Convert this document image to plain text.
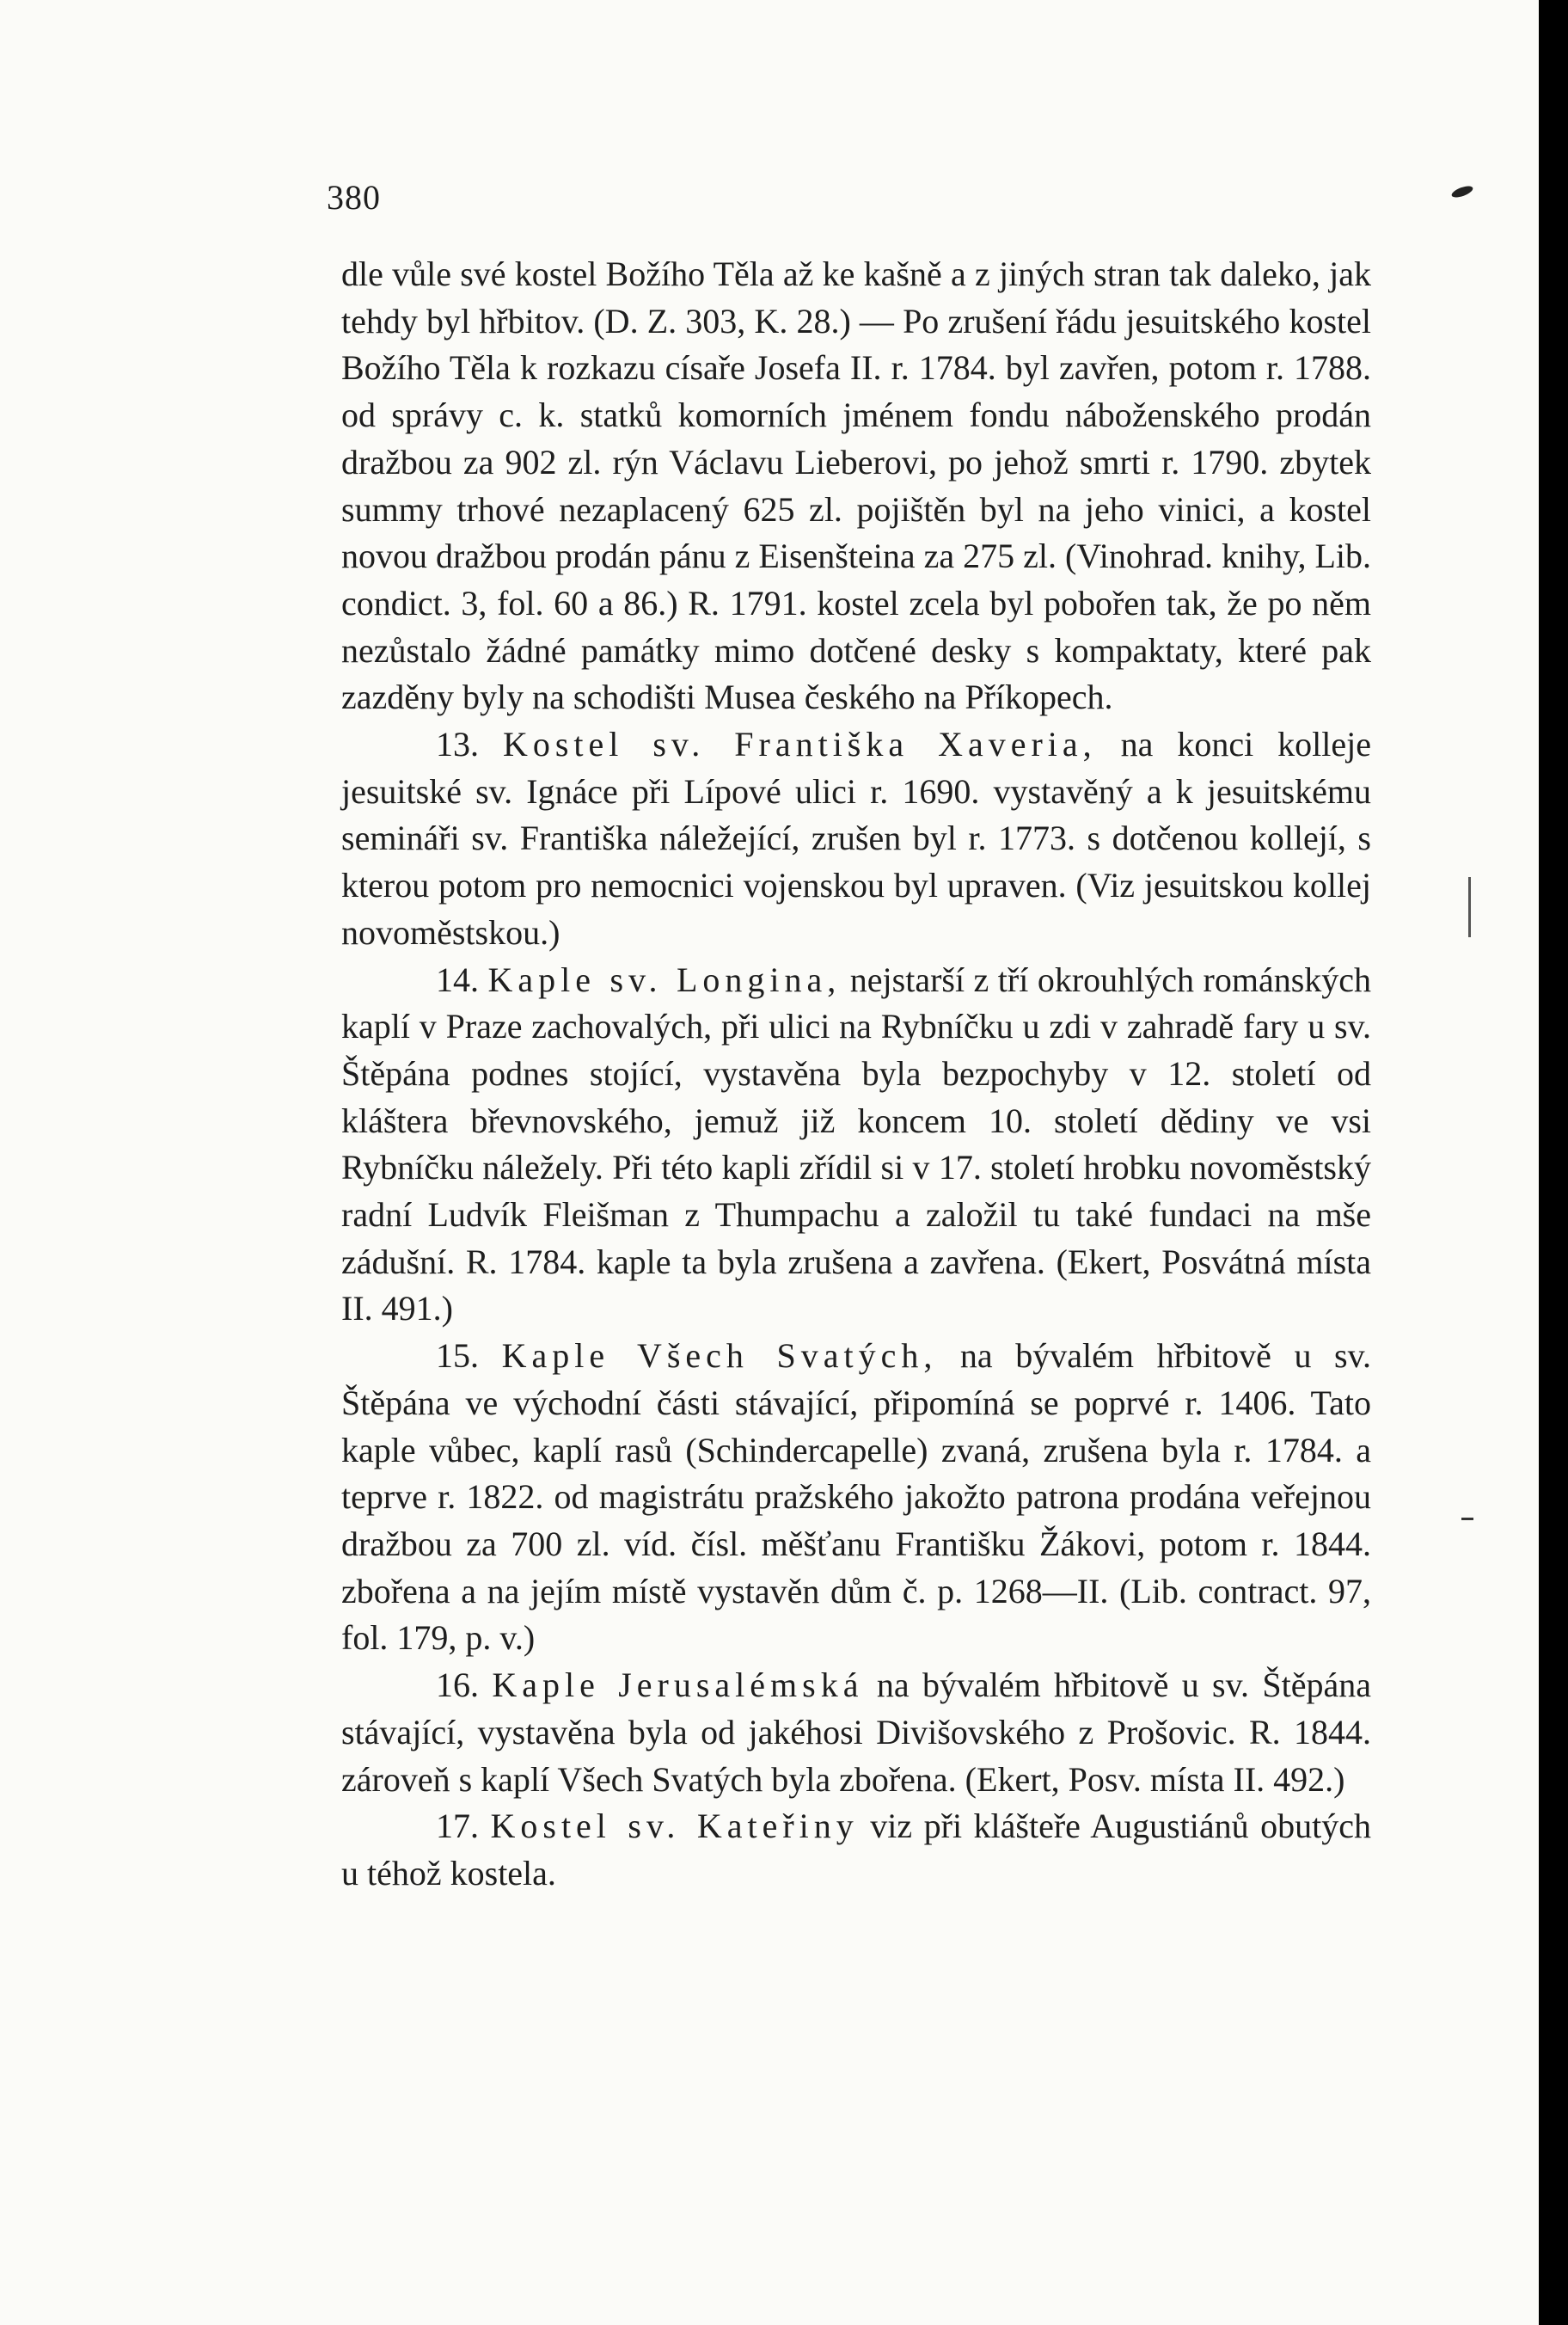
380

dle vůle své kostel Božího Těla až ke kašně a z jiných stran tak daleko, jak tehdy byl hřbitov. (D. Z. 303, K. 28.) — Po zrušení řádu jesuitského kostel Božího Těla k rozkazu císaře Josefa II. r. 1784. byl zavřen, potom r. 1788. od správy c. k. statků komorních jménem fondu náboženského prodán dražbou za 902 zl. rýn Václavu Lieberovi, po jehož smrti r. 1790. zbytek summy trhové nezaplacený 625 zl. pojištěn byl na jeho vinici, a kostel novou dražbou prodán pánu z Eisenšteina za 275 zl. (Vinohrad. knihy, Lib. condict. 3, fol. 60 a 86.) R. 1791. kostel zcela byl pobořen tak, že po něm nezůstalo žádné památky mimo dotčené desky s kompaktaty, které pak zazděny byly na schodišti Musea českého na Příkopech.

13. Kostel sv. Františka Xaveria, na konci kolleje jesuitské sv. Ignáce při Lípové ulici r. 1690. vystavěný a k jesuitskému semináři sv. Františka náležející, zrušen byl r. 1773. s dotčenou kollejí, s kterou potom pro nemocnici vojenskou byl upraven. (Viz jesuitskou kollej novoměstskou.)

14. Kaple sv. Longina, nejstarší z tří okrouhlých románských kaplí v Praze zachovalých, při ulici na Rybníčku u zdi v zahradě fary u sv. Štěpána podnes stojící, vystavěna byla bezpochyby v 12. století od kláštera břevnovského, jemuž již koncem 10. století dědiny ve vsi Rybníčku náležely. Při této kapli zřídil si v 17. století hrobku novoměstský radní Ludvík Fleišman z Thumpachu a založil tu také fundaci na mše zádušní. R. 1784. kaple ta byla zrušena a zavřena. (Ekert, Posvátná místa II. 491.)

15. Kaple Všech Svatých, na bývalém hřbitově u sv. Štěpána ve východní části stávající, připomíná se poprvé r. 1406. Tato kaple vůbec, kaplí rasů (Schindercapelle) zvaná, zrušena byla r. 1784. a teprve r. 1822. od magistrátu pražského jakožto patrona prodána veřejnou dražbou za 700 zl. víd. čísl. měšťanu Františku Žákovi, potom r. 1844. zbořena a na jejím místě vystavěn dům č. p. 1268—II. (Lib. contract. 97, fol. 179, p. v.)

16. Kaple Jerusalémská na bývalém hřbitově u sv. Štěpána stávající, vystavěna byla od jakéhosi Divišovského z Prošovic. R. 1844. zároveň s kaplí Všech Svatých byla zbořena. (Ekert, Posv. místa II. 492.)

17. Kostel sv. Kateřiny viz při klášteře Augustiánů obutých u téhož kostela.
